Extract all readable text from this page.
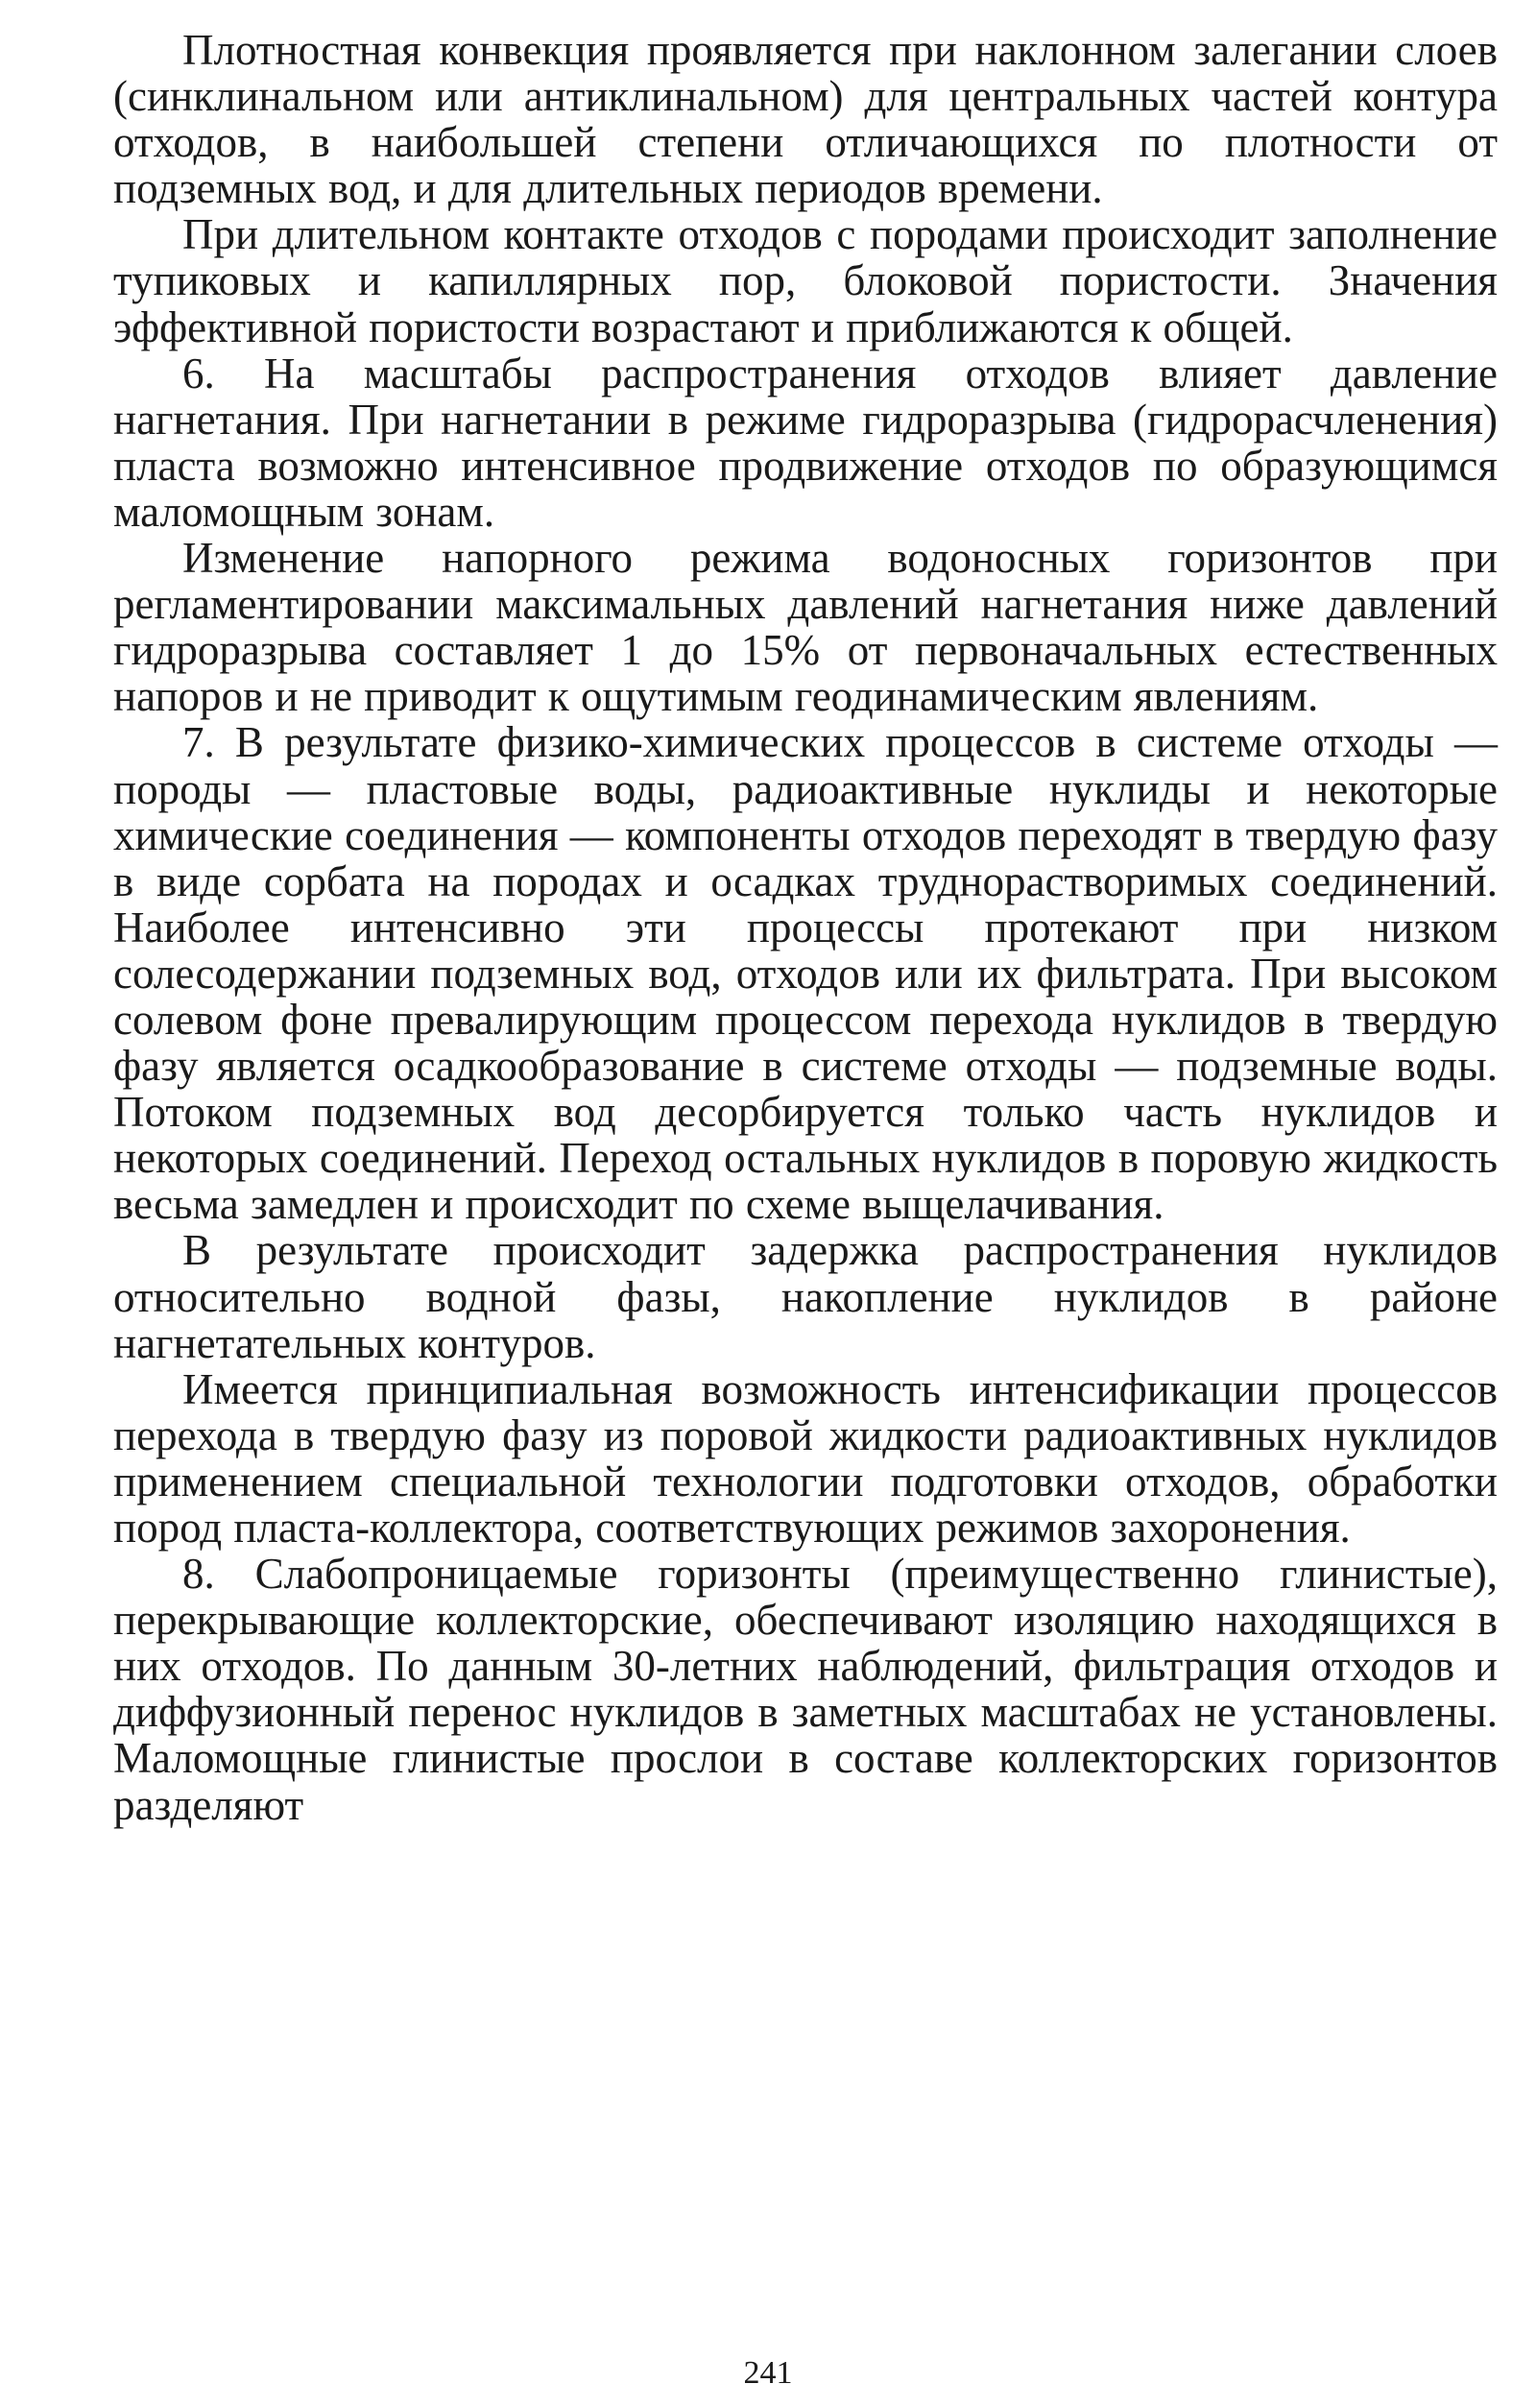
Плотностная конвекция проявляется при наклонном залегании слоев (синклинальном или антиклинальном) для центральных частей контура отходов, в наибольшей степени отличающихся по плотности от подземных вод, и для длительных периодов времени.

При длительном контакте отходов с породами происходит заполнение тупиковых и капиллярных пор, блоковой пористости. Значения эффективной пористости возрастают и приближаются к общей.

6. На масштабы распространения отходов влияет давление нагнетания. При нагнетании в режиме гидроразрыва (гидрорасчленения) пласта возможно интенсивное продвижение отходов по образующимся маломощным зонам.

Изменение напорного режима водоносных горизонтов при регламентировании максимальных давлений нагнетания ниже давлений гидроразрыва составляет 1 до 15% от первоначальных естественных напоров и не приводит к ощутимым геодинамическим явлениям.

7. В результате физико-химических процессов в системе отходы — породы — пластовые воды, радиоактивные нуклиды и некоторые химические соединения — компоненты отходов переходят в твердую фазу в виде сорбата на породах и осадках труднорастворимых соединений. Наиболее интенсивно эти процессы протекают при низком солесодержании подземных вод, отходов или их фильтрата. При высоком солевом фоне превалирующим процессом перехода нуклидов в твердую фазу является осадкообразование в системе отходы — подземные воды. Потоком подземных вод десорбируется только часть нуклидов и некоторых соединений. Переход остальных нуклидов в поровую жидкость весьма замедлен и происходит по схеме выщелачивания.

В результате происходит задержка распространения нуклидов относительно водной фазы, накопление нуклидов в районе нагнетательных контуров.

Имеется принципиальная возможность интенсификации процессов перехода в твердую фазу из поровой жидкости радиоактивных нуклидов применением специальной технологии подготовки отходов, обработки пород пласта-коллектора, соответствующих режимов захоронения.

8. Слабопроницаемые горизонты (преимущественно глинистые), перекрывающие коллекторские, обеспечивают изоляцию находящихся в них отходов. По данным 30-летних наблюдений, фильтрация отходов и диффузионный перенос нуклидов в заметных масштабах не установлены. Маломощные глинистые прослои в составе коллекторских горизонтов разделяют

241
